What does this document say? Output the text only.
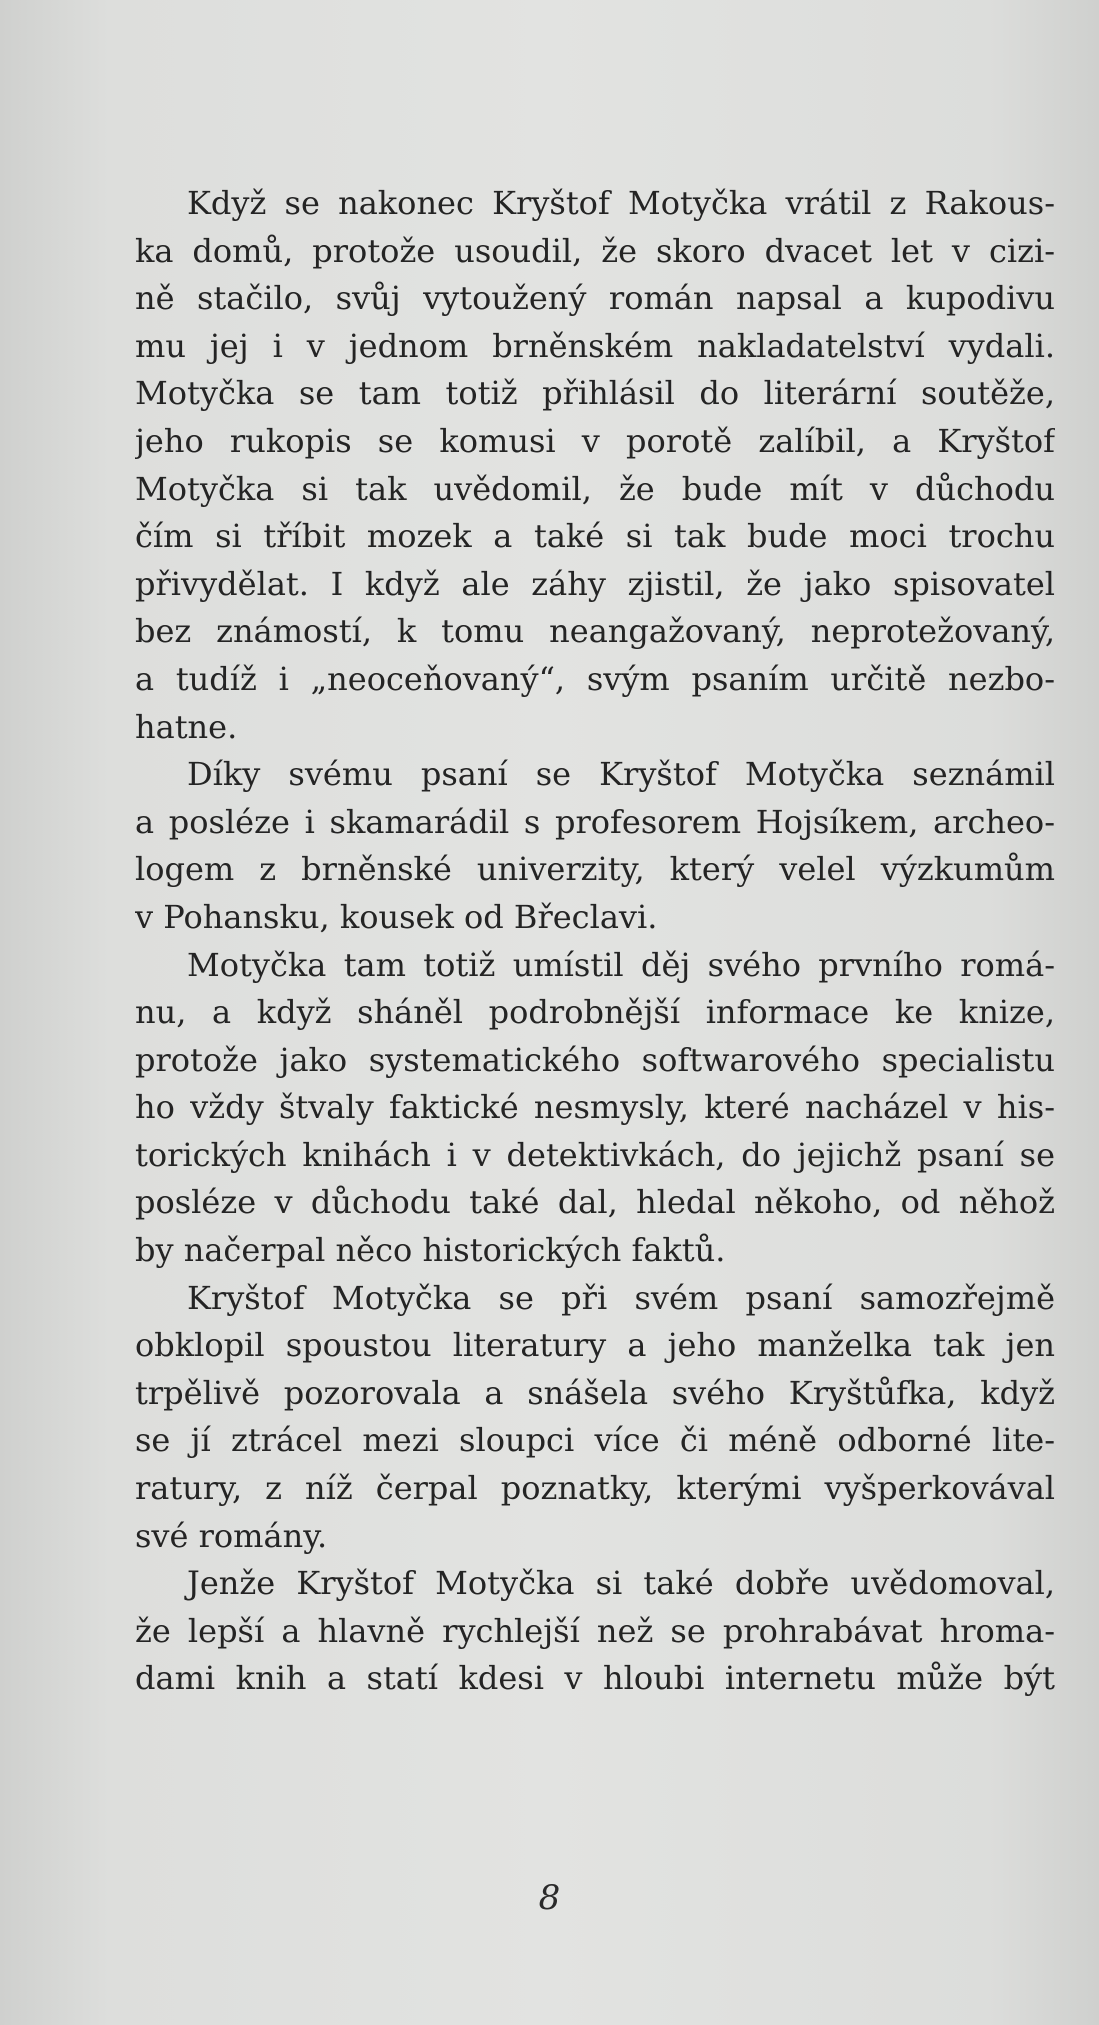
Když se nakonec Kryštof Motyčka vrátil z Rakous-
ka domů, protože usoudil, že skoro dvacet let v cizi-
ně stačilo, svůj vytoužený román napsal a kupodivu
mu jej i v jednom brněnském nakladatelství vydali.
Motyčka se tam totiž přihlásil do literární soutěže,
jeho rukopis se komusi v porotě zalíbil, a Kryštof
Motyčka si tak uvědomil, že bude mít v důchodu
čím si tříbit mozek a také si tak bude moci trochu
přivydělat. I když ale záhy zjistil, že jako spisovatel
bez známostí, k tomu neangažovaný, neprotežovaný,
a tudíž i „neoceňovaný“, svým psaním určitě nezbo-
hatne.
Díky svému psaní se Kryštof Motyčka seznámil
a posléze i skamarádil s profesorem Hojsíkem, archeo-
logem z brněnské univerzity, který velel výzkumům
v Pohansku, kousek od Břeclavi.
Motyčka tam totiž umístil děj svého prvního romá-
nu, a když sháněl podrobnější informace ke knize,
protože jako systematického softwarového specialistu
ho vždy štvaly faktické nesmysly, které nacházel v his-
torických knihách i v detektivkách, do jejichž psaní se
posléze v důchodu také dal, hledal někoho, od něhož
by načerpal něco historických faktů.
Kryštof Motyčka se při svém psaní samozřejmě
obklopil spoustou literatury a jeho manželka tak jen
trpělivě pozorovala a snášela svého Kryštůfka, když
se jí ztrácel mezi sloupci více či méně odborné lite-
ratury, z níž čerpal poznatky, kterými vyšperkovával
své romány.
Jenže Kryštof Motyčka si také dobře uvědomoval,
že lepší a hlavně rychlejší než se prohrabávat hroma-
dami knih a statí kdesi v hloubi internetu může být
8
